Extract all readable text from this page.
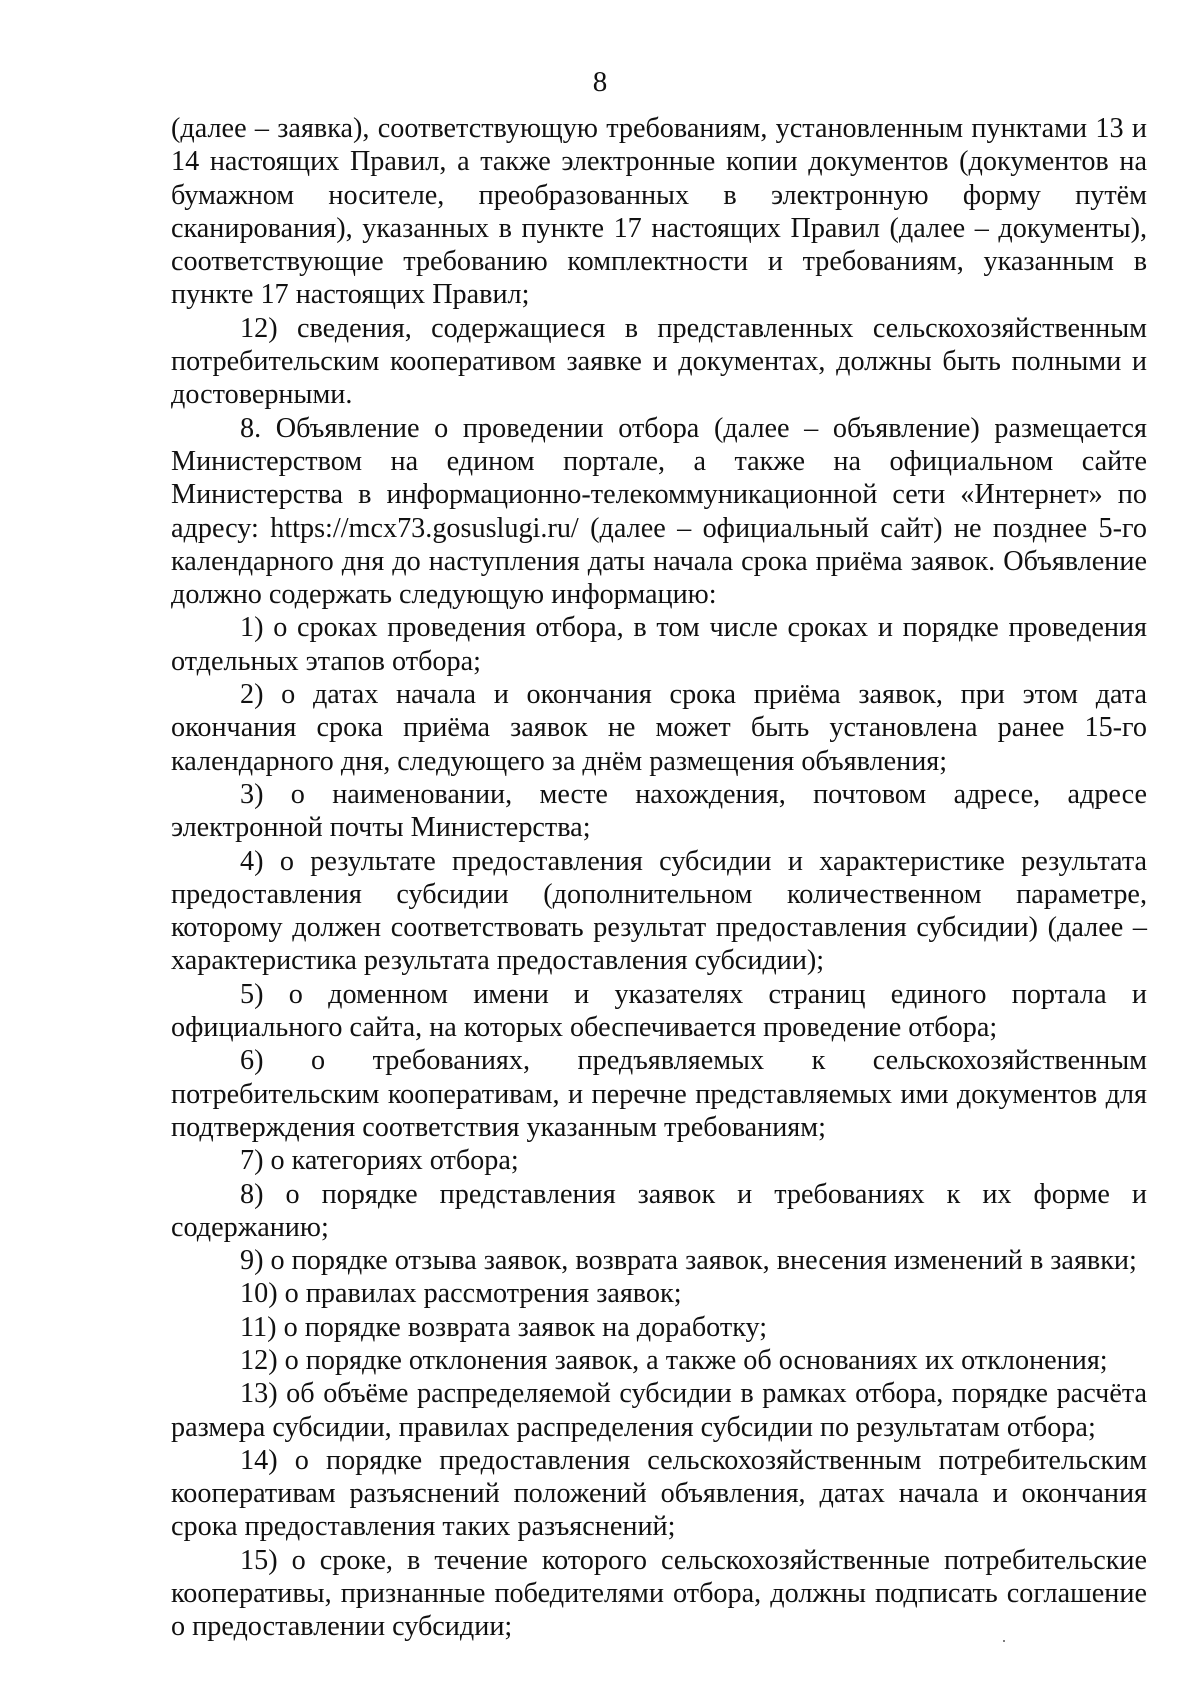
8

(далее – заявка), соответствующую требованиям, установленным пунктами 13 и 14 настоящих Правил, а также электронные копии документов (документов на бумажном носителе, преобразованных в электронную форму путём сканирования), указанных в пункте 17 настоящих Правил (далее – документы), соответствующие требованию комплектности и требованиям, указанным в пункте 17 настоящих Правил;

12) сведения, содержащиеся в представленных сельскохозяйственным потребительским кооперативом заявке и документах, должны быть полными и достоверными.

8. Объявление о проведении отбора (далее – объявление) размещается Министерством на едином портале, а также на официальном сайте Министерства в информационно-телекоммуникационной сети «Интернет» по адресу: https://mcx73.gosuslugi.ru/ (далее – официальный сайт) не позднее 5-го календарного дня до наступления даты начала срока приёма заявок. Объявление должно содержать следующую информацию:

1) о сроках проведения отбора, в том числе сроках и порядке проведения отдельных этапов отбора;

2) о датах начала и окончания срока приёма заявок, при этом дата окончания срока приёма заявок не может быть установлена ранее 15-го календарного дня, следующего за днём размещения объявления;

3) о наименовании, месте нахождения, почтовом адресе, адресе электронной почты Министерства;

4) о результате предоставления субсидии и характеристике результата предоставления субсидии (дополнительном количественном параметре, которому должен соответствовать результат предоставления субсидии) (далее – характеристика результата предоставления субсидии);

5) о доменном имени и указателях страниц единого портала и официального сайта, на которых обеспечивается проведение отбора;

6) о требованиях, предъявляемых к сельскохозяйственным потребительским кооперативам, и перечне представляемых ими документов для подтверждения соответствия указанным требованиям;

7) о категориях отбора;

8) о порядке представления заявок и требованиях к их форме и содержанию;

9) о порядке отзыва заявок, возврата заявок, внесения изменений в заявки;

10) о правилах рассмотрения заявок;

11) о порядке возврата заявок на доработку;

12) о порядке отклонения заявок, а также об основаниях их отклонения;

13) об объёме распределяемой субсидии в рамках отбора, порядке расчёта размера субсидии, правилах распределения субсидии по результатам отбора;

14) о порядке предоставления сельскохозяйственным потребительским кооперативам разъяснений положений объявления, датах начала и окончания срока предоставления таких разъяснений;

15) о сроке, в течение которого сельскохозяйственные потребительские кооперативы, признанные победителями отбора, должны подписать соглашение о предоставлении субсидии;
